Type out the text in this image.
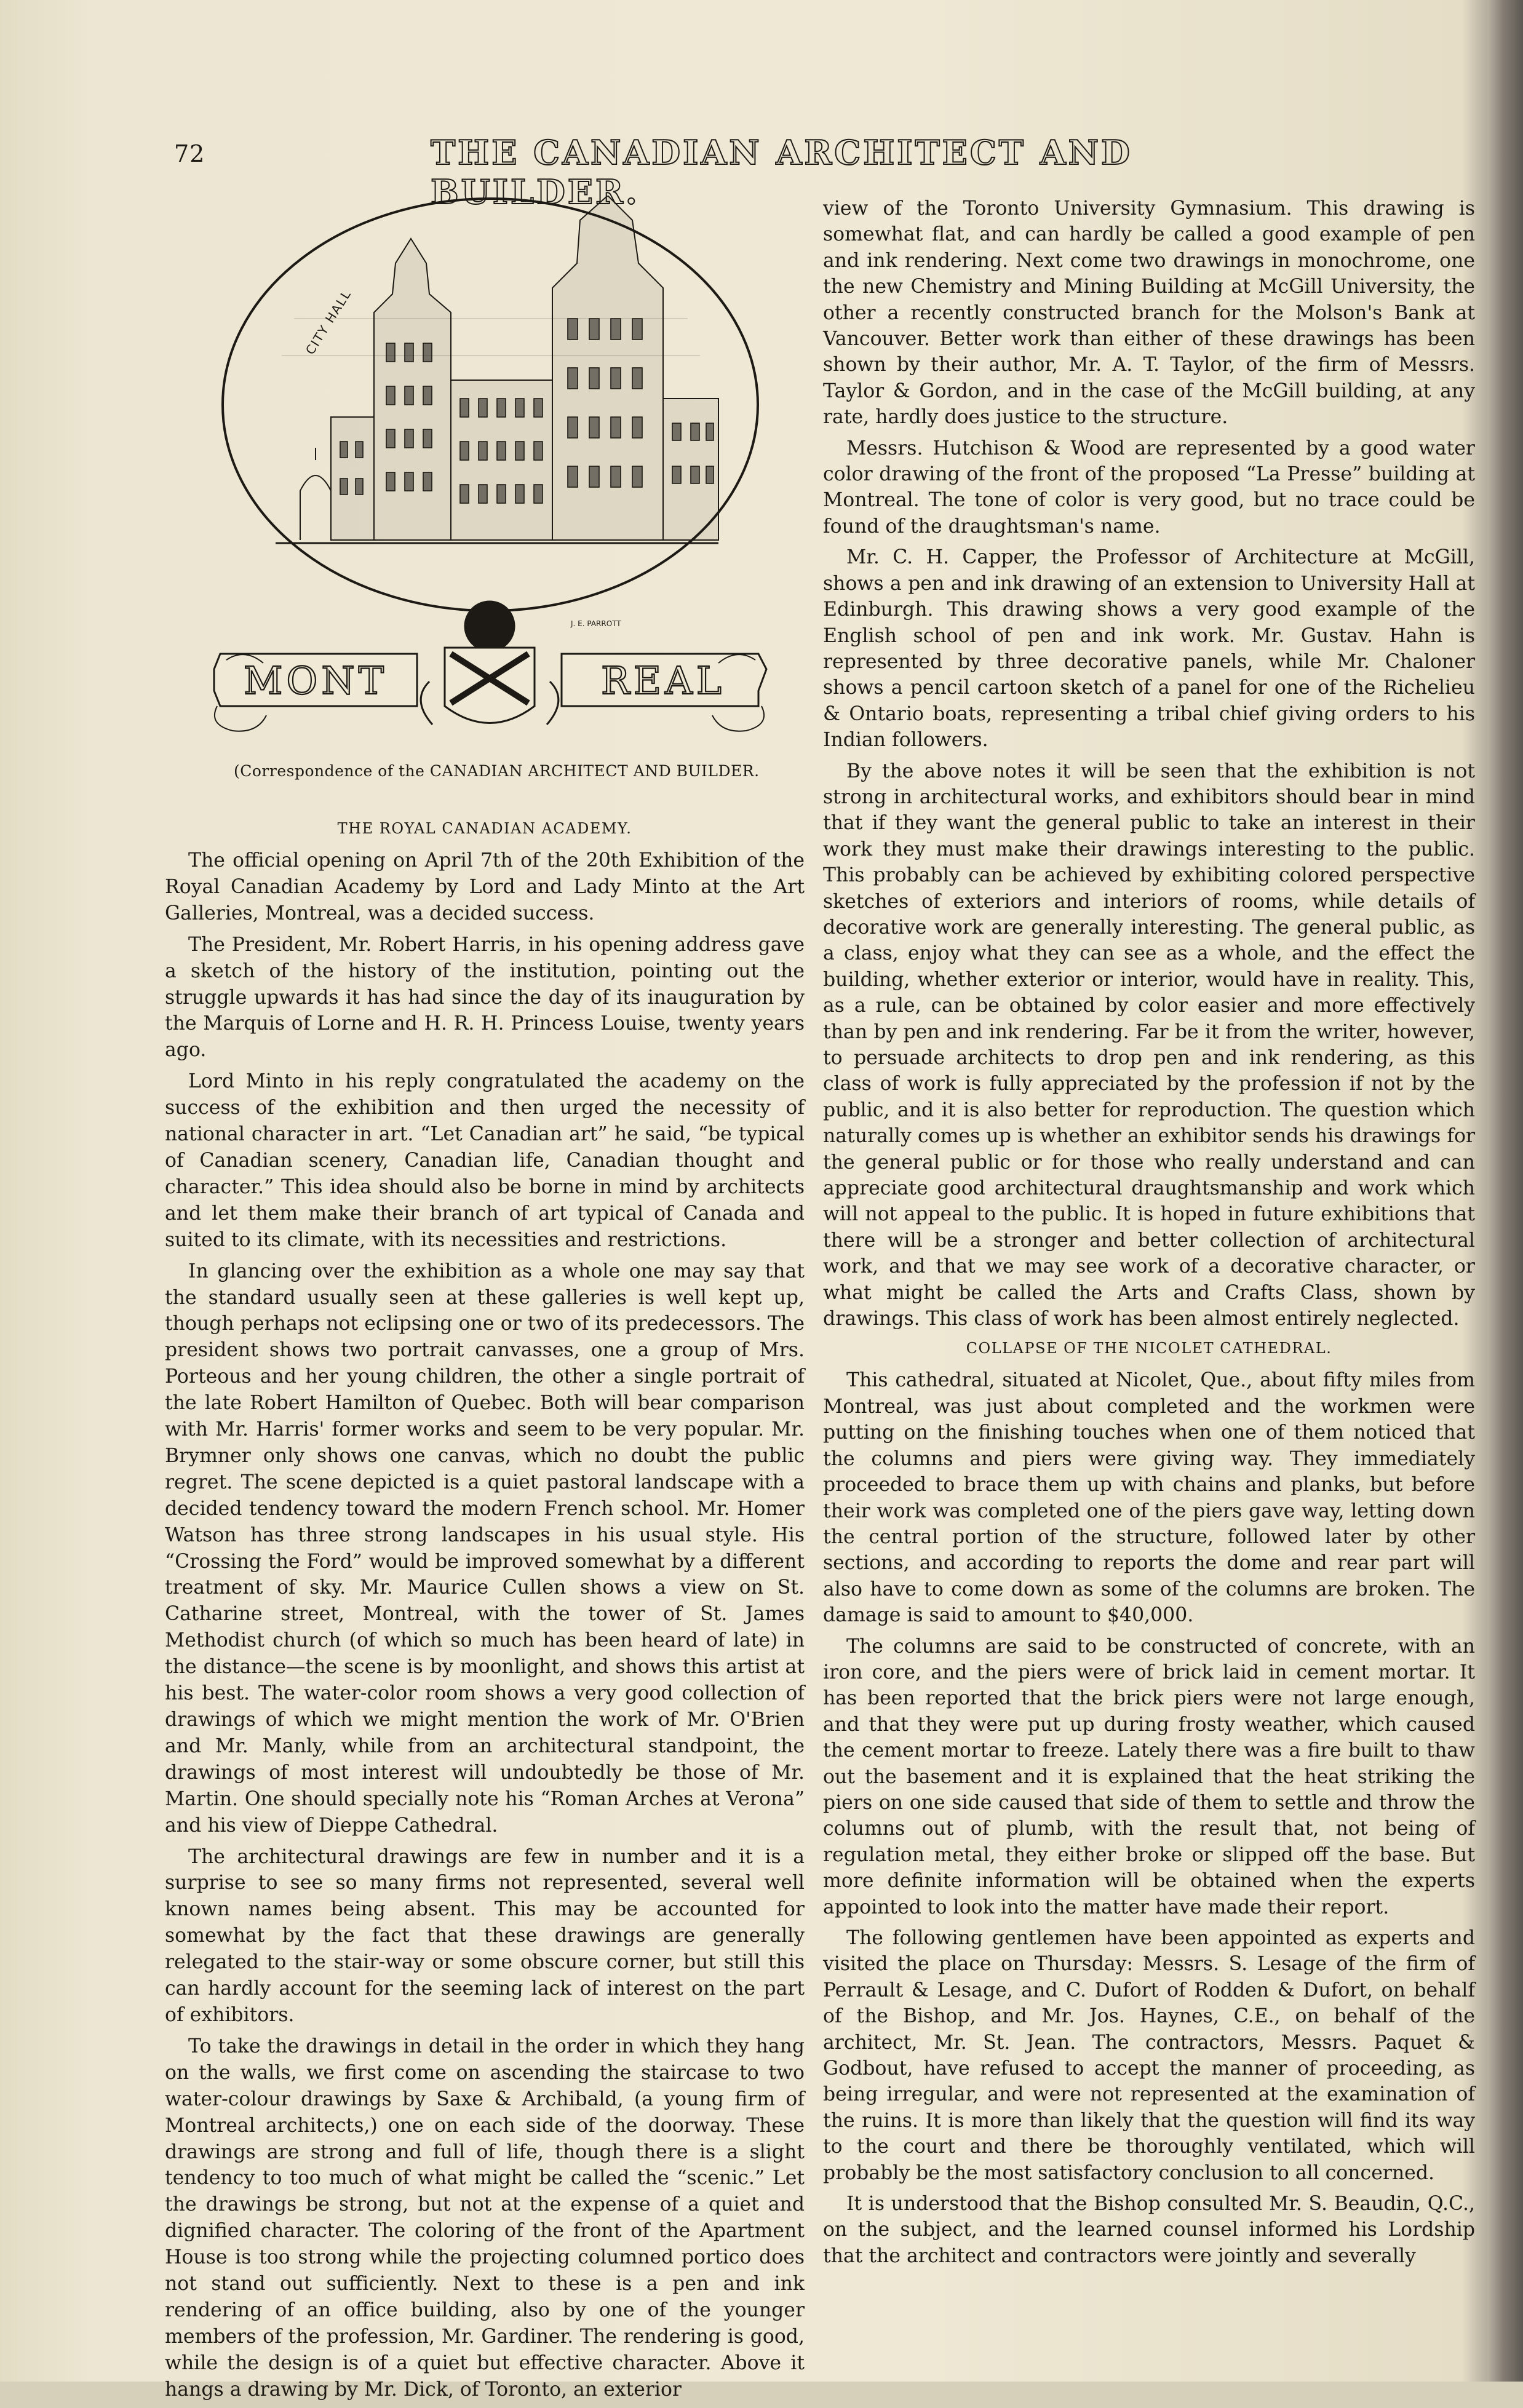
72	THE CANADIAN ARCHITECT AND BUILDER.
CITY HALL
J. E. PARROTT
MONT	REAL
(Correspondence of the CANADIAN ARCHITECT AND BUILDER.
THE ROYAL CANADIAN ACADEMY.

The official opening on April 7th of the 20th Exhibition of the Royal Canadian Academy by Lord and Lady Minto at the Art Galleries, Montreal, was a decided success.

The President, Mr. Robert Harris, in his opening address gave a sketch of the history of the institution, pointing out the struggle upwards it has had since the day of its inauguration by the Marquis of Lorne and H. R. H. Princess Louise, twenty years ago.

Lord Minto in his reply congratulated the academy on the success of the exhibition and then urged the necessity of national character in art. “Let Canadian art” he said, “be typical of Canadian scenery, Canadian life, Canadian thought and character.” This idea should also be borne in mind by architects and let them make their branch of art typical of Canada and suited to its climate, with its necessities and restrictions.

In glancing over the exhibition as a whole one may say that the standard usually seen at these galleries is well kept up, though perhaps not eclipsing one or two of its predecessors. The president shows two portrait canvasses, one a group of Mrs. Porteous and her young children, the other a single portrait of the late Robert Hamilton of Quebec. Both will bear comparison with Mr. Harris' former works and seem to be very popular. Mr. Brymner only shows one canvas, which no doubt the public regret. The scene depicted is a quiet pastoral landscape with a decided tendency toward the modern French school. Mr. Homer Watson has three strong landscapes in his usual style. His “Crossing the Ford” would be improved somewhat by a different treatment of sky. Mr. Maurice Cullen shows a view on St. Catharine street, Montreal, with the tower of St. James Methodist church (of which so much has been heard of late) in the distance—the scene is by moonlight, and shows this artist at his best. The water-color room shows a very good collection of drawings of which we might mention the work of Mr. O'Brien and Mr. Manly, while from an architectural standpoint, the drawings of most interest will undoubtedly be those of Mr. Martin. One should specially note his “Roman Arches at Verona” and his view of Dieppe Cathedral.

The architectural drawings are few in number and it is a surprise to see so many firms not represented, several well known names being absent. This may be accounted for somewhat by the fact that these drawings are generally relegated to the stair-way or some obscure corner, but still this can hardly account for the seeming lack of interest on the part of exhibitors.

To take the drawings in detail in the order in which they hang on the walls, we first come on ascending the staircase to two water-colour drawings by Saxe & Archibald, (a young firm of Montreal architects,) one on each side of the doorway. These drawings are strong and full of life, though there is a slight tendency to too much of what might be called the “scenic.” Let the drawings be strong, but not at the expense of a quiet and dignified character. The coloring of the front of the Apartment House is too strong while the projecting columned portico does not stand out sufficiently. Next to these is a pen and ink rendering of an office building, also by one of the younger members of the profession, Mr. Gardiner. The rendering is good, while the design is of a quiet but effective character. Above it hangs a drawing by Mr. Dick, of Toronto, an exterior

view of the Toronto University Gymnasium. This drawing is somewhat flat, and can hardly be called a good example of pen and ink rendering. Next come two drawings in monochrome, one the new Chemistry and Mining Building at McGill University, the other a recently constructed branch for the Molson's Bank at Vancouver. Better work than either of these drawings has been shown by their author, Mr. A. T. Taylor, of the firm of Messrs. Taylor & Gordon, and in the case of the McGill building, at any rate, hardly does justice to the structure.

Messrs. Hutchison & Wood are represented by a good water color drawing of the front of the proposed “La Presse” building at Montreal. The tone of color is very good, but no trace could be found of the draughtsman's name.

Mr. C. H. Capper, the Professor of Architecture at McGill, shows a pen and ink drawing of an extension to University Hall at Edinburgh. This drawing shows a very good example of the English school of pen and ink work. Mr. Gustav. Hahn is represented by three decorative panels, while Mr. Chaloner shows a pencil cartoon sketch of a panel for one of the Richelieu & Ontario boats, representing a tribal chief giving orders to his Indian followers.

By the above notes it will be seen that the exhibition is not strong in architectural works, and exhibitors should bear in mind that if they want the general public to take an interest in their work they must make their drawings interesting to the public. This probably can be achieved by exhibiting colored perspective sketches of exteriors and interiors of rooms, while details of decorative work are generally interesting. The general public, as a class, enjoy what they can see as a whole, and the effect the building, whether exterior or interior, would have in reality. This, as a rule, can be obtained by color easier and more effectively than by pen and ink rendering. Far be it from the writer, however, to persuade architects to drop pen and ink rendering, as this class of work is fully appreciated by the profession if not by the public, and it is also better for reproduction. The question which naturally comes up is whether an exhibitor sends his drawings for the general public or for those who really understand and can appreciate good architectural draughtsmanship and work which will not appeal to the public. It is hoped in future exhibitions that there will be a stronger and better collection of architectural work, and that we may see work of a decorative character, or what might be called the Arts and Crafts Class, shown by drawings. This class of work has been almost entirely neglected.

COLLAPSE OF THE NICOLET CATHEDRAL.

This cathedral, situated at Nicolet, Que., about fifty miles from Montreal, was just about completed and the workmen were putting on the finishing touches when one of them noticed that the columns and piers were giving way. They immediately proceeded to brace them up with chains and planks, but before their work was completed one of the piers gave way, letting down the central portion of the structure, followed later by other sections, and according to reports the dome and rear part will also have to come down as some of the columns are broken. The damage is said to amount to $40,000.

The columns are said to be constructed of concrete, with an iron core, and the piers were of brick laid in cement mortar. It has been reported that the brick piers were not large enough, and that they were put up during frosty weather, which caused the cement mortar to freeze. Lately there was a fire built to thaw out the basement and it is explained that the heat striking the piers on one side caused that side of them to settle and throw the columns out of plumb, with the result that, not being of regulation metal, they either broke or slipped off the base. But more definite information will be obtained when the experts appointed to look into the matter have made their report.

The following gentlemen have been appointed as experts and visited the place on Thursday: Messrs. S. Lesage of the firm of Perrault & Lesage, and C. Dufort of Rodden & Dufort, on behalf of the Bishop, and Mr. Jos. Haynes, C.E., on behalf of the architect, Mr. St. Jean. The contractors, Messrs. Paquet & Godbout, have refused to accept the manner of proceeding, as being irregular, and were not represented at the examination of the ruins. It is more than likely that the question will find its way to the court and there be thoroughly ventilated, which will probably be the most satisfactory conclusion to all concerned.

It is understood that the Bishop consulted Mr. S. Beaudin, Q.C., on the subject, and the learned counsel informed his Lordship that the architect and contractors were jointly and severally
